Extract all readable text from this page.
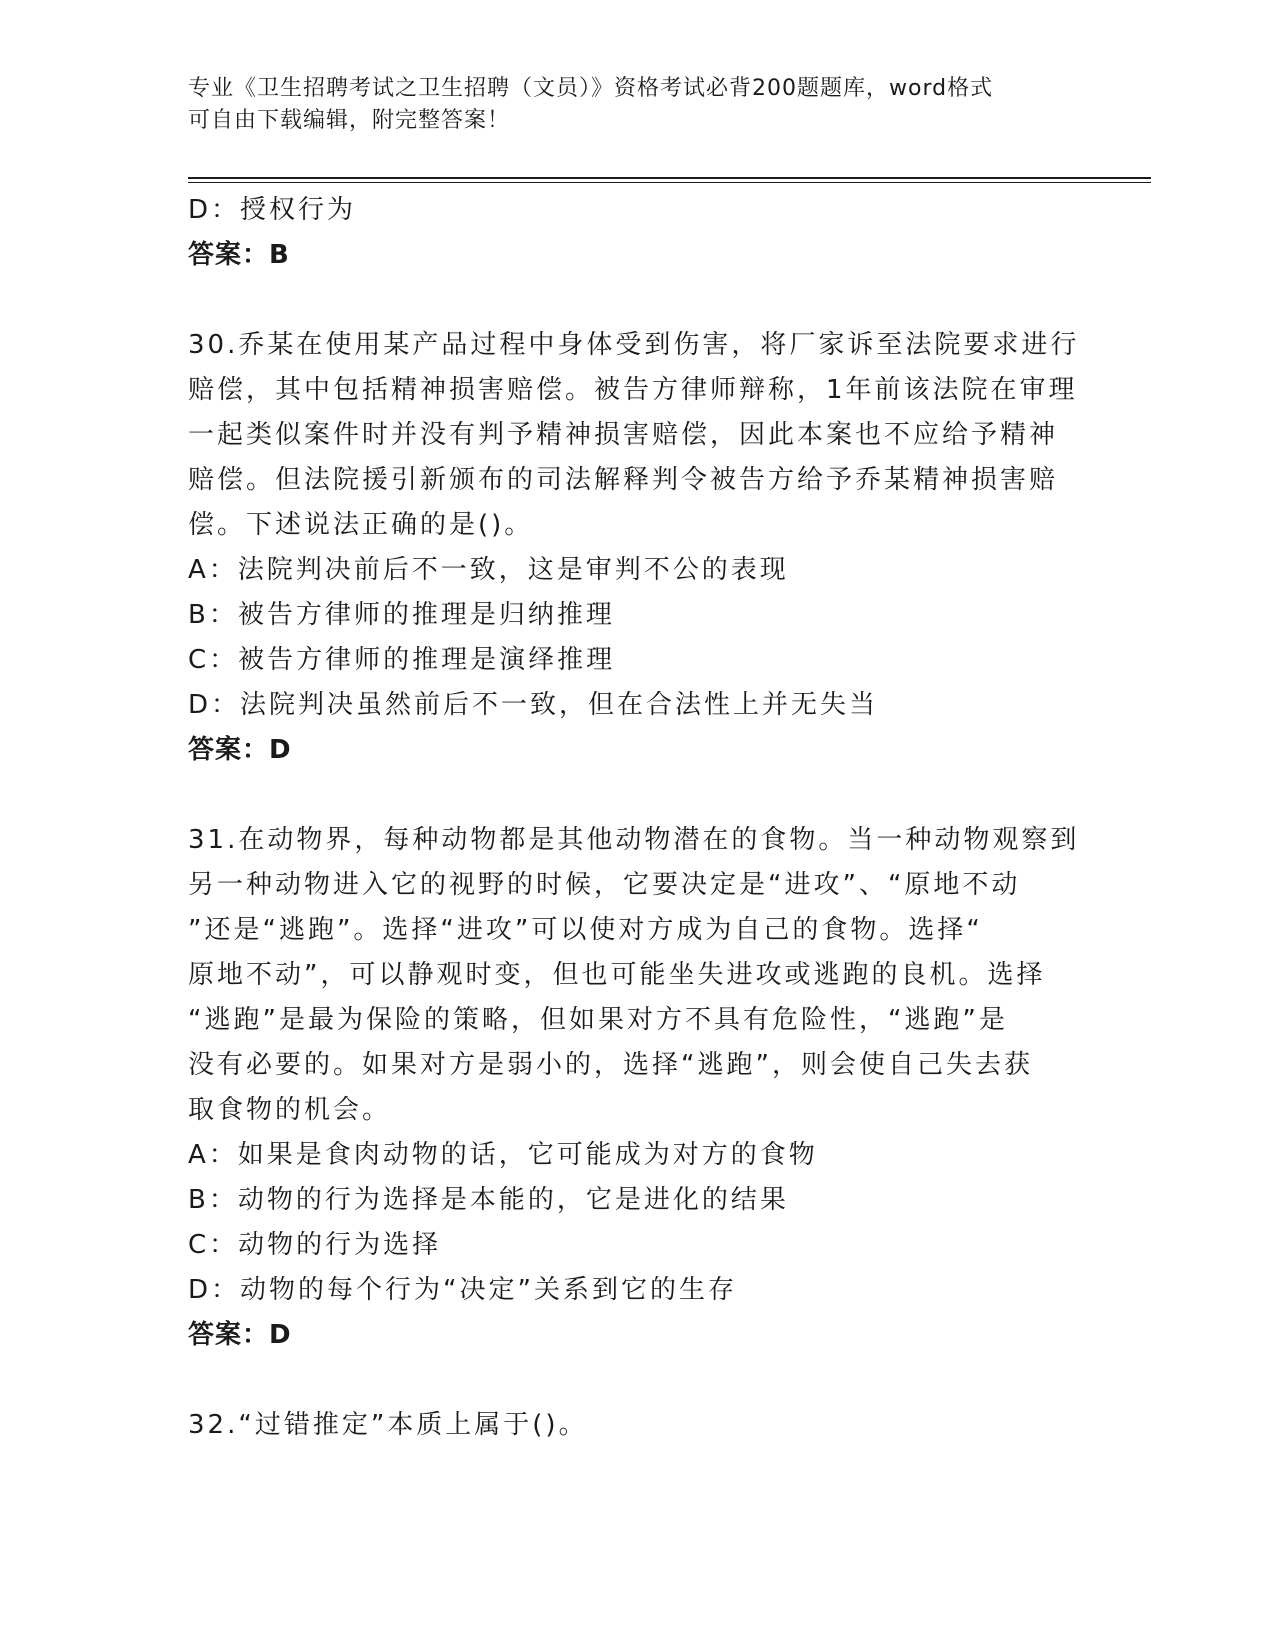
专业《卫生招聘考试之卫生招聘（文员）》资格考试必背200题题库，word格式
可自由下载编辑，附完整答案！
D：授权行为
答案：B
30.乔某在使用某产品过程中身体受到伤害，将厂家诉至法院要求进行
赔偿，其中包括精神损害赔偿。被告方律师辩称，1年前该法院在审理
一起类似案件时并没有判予精神损害赔偿，因此本案也不应给予精神
赔偿。但法院援引新颁布的司法解释判令被告方给予乔某精神损害赔
偿。下述说法正确的是()。
A：法院判决前后不一致，这是审判不公的表现
B：被告方律师的推理是归纳推理
C：被告方律师的推理是演绎推理
D：法院判决虽然前后不一致，但在合法性上并无失当
答案：D
31.在动物界，每种动物都是其他动物潜在的食物。当一种动物观察到
另一种动物进入它的视野的时候，它要决定是“进攻”、“原地不动
”还是“逃跑”。选择“进攻”可以使对方成为自己的食物。选择“
原地不动”，可以静观时变，但也可能坐失进攻或逃跑的良机。选择
“逃跑”是最为保险的策略，但如果对方不具有危险性，“逃跑”是
没有必要的。如果对方是弱小的，选择“逃跑”，则会使自己失去获
取食物的机会。
A：如果是食肉动物的话，它可能成为对方的食物
B：动物的行为选择是本能的，它是进化的结果
C：动物的行为选择
D：动物的每个行为“决定”关系到它的生存
答案：D
32.“过错推定”本质上属于()。
